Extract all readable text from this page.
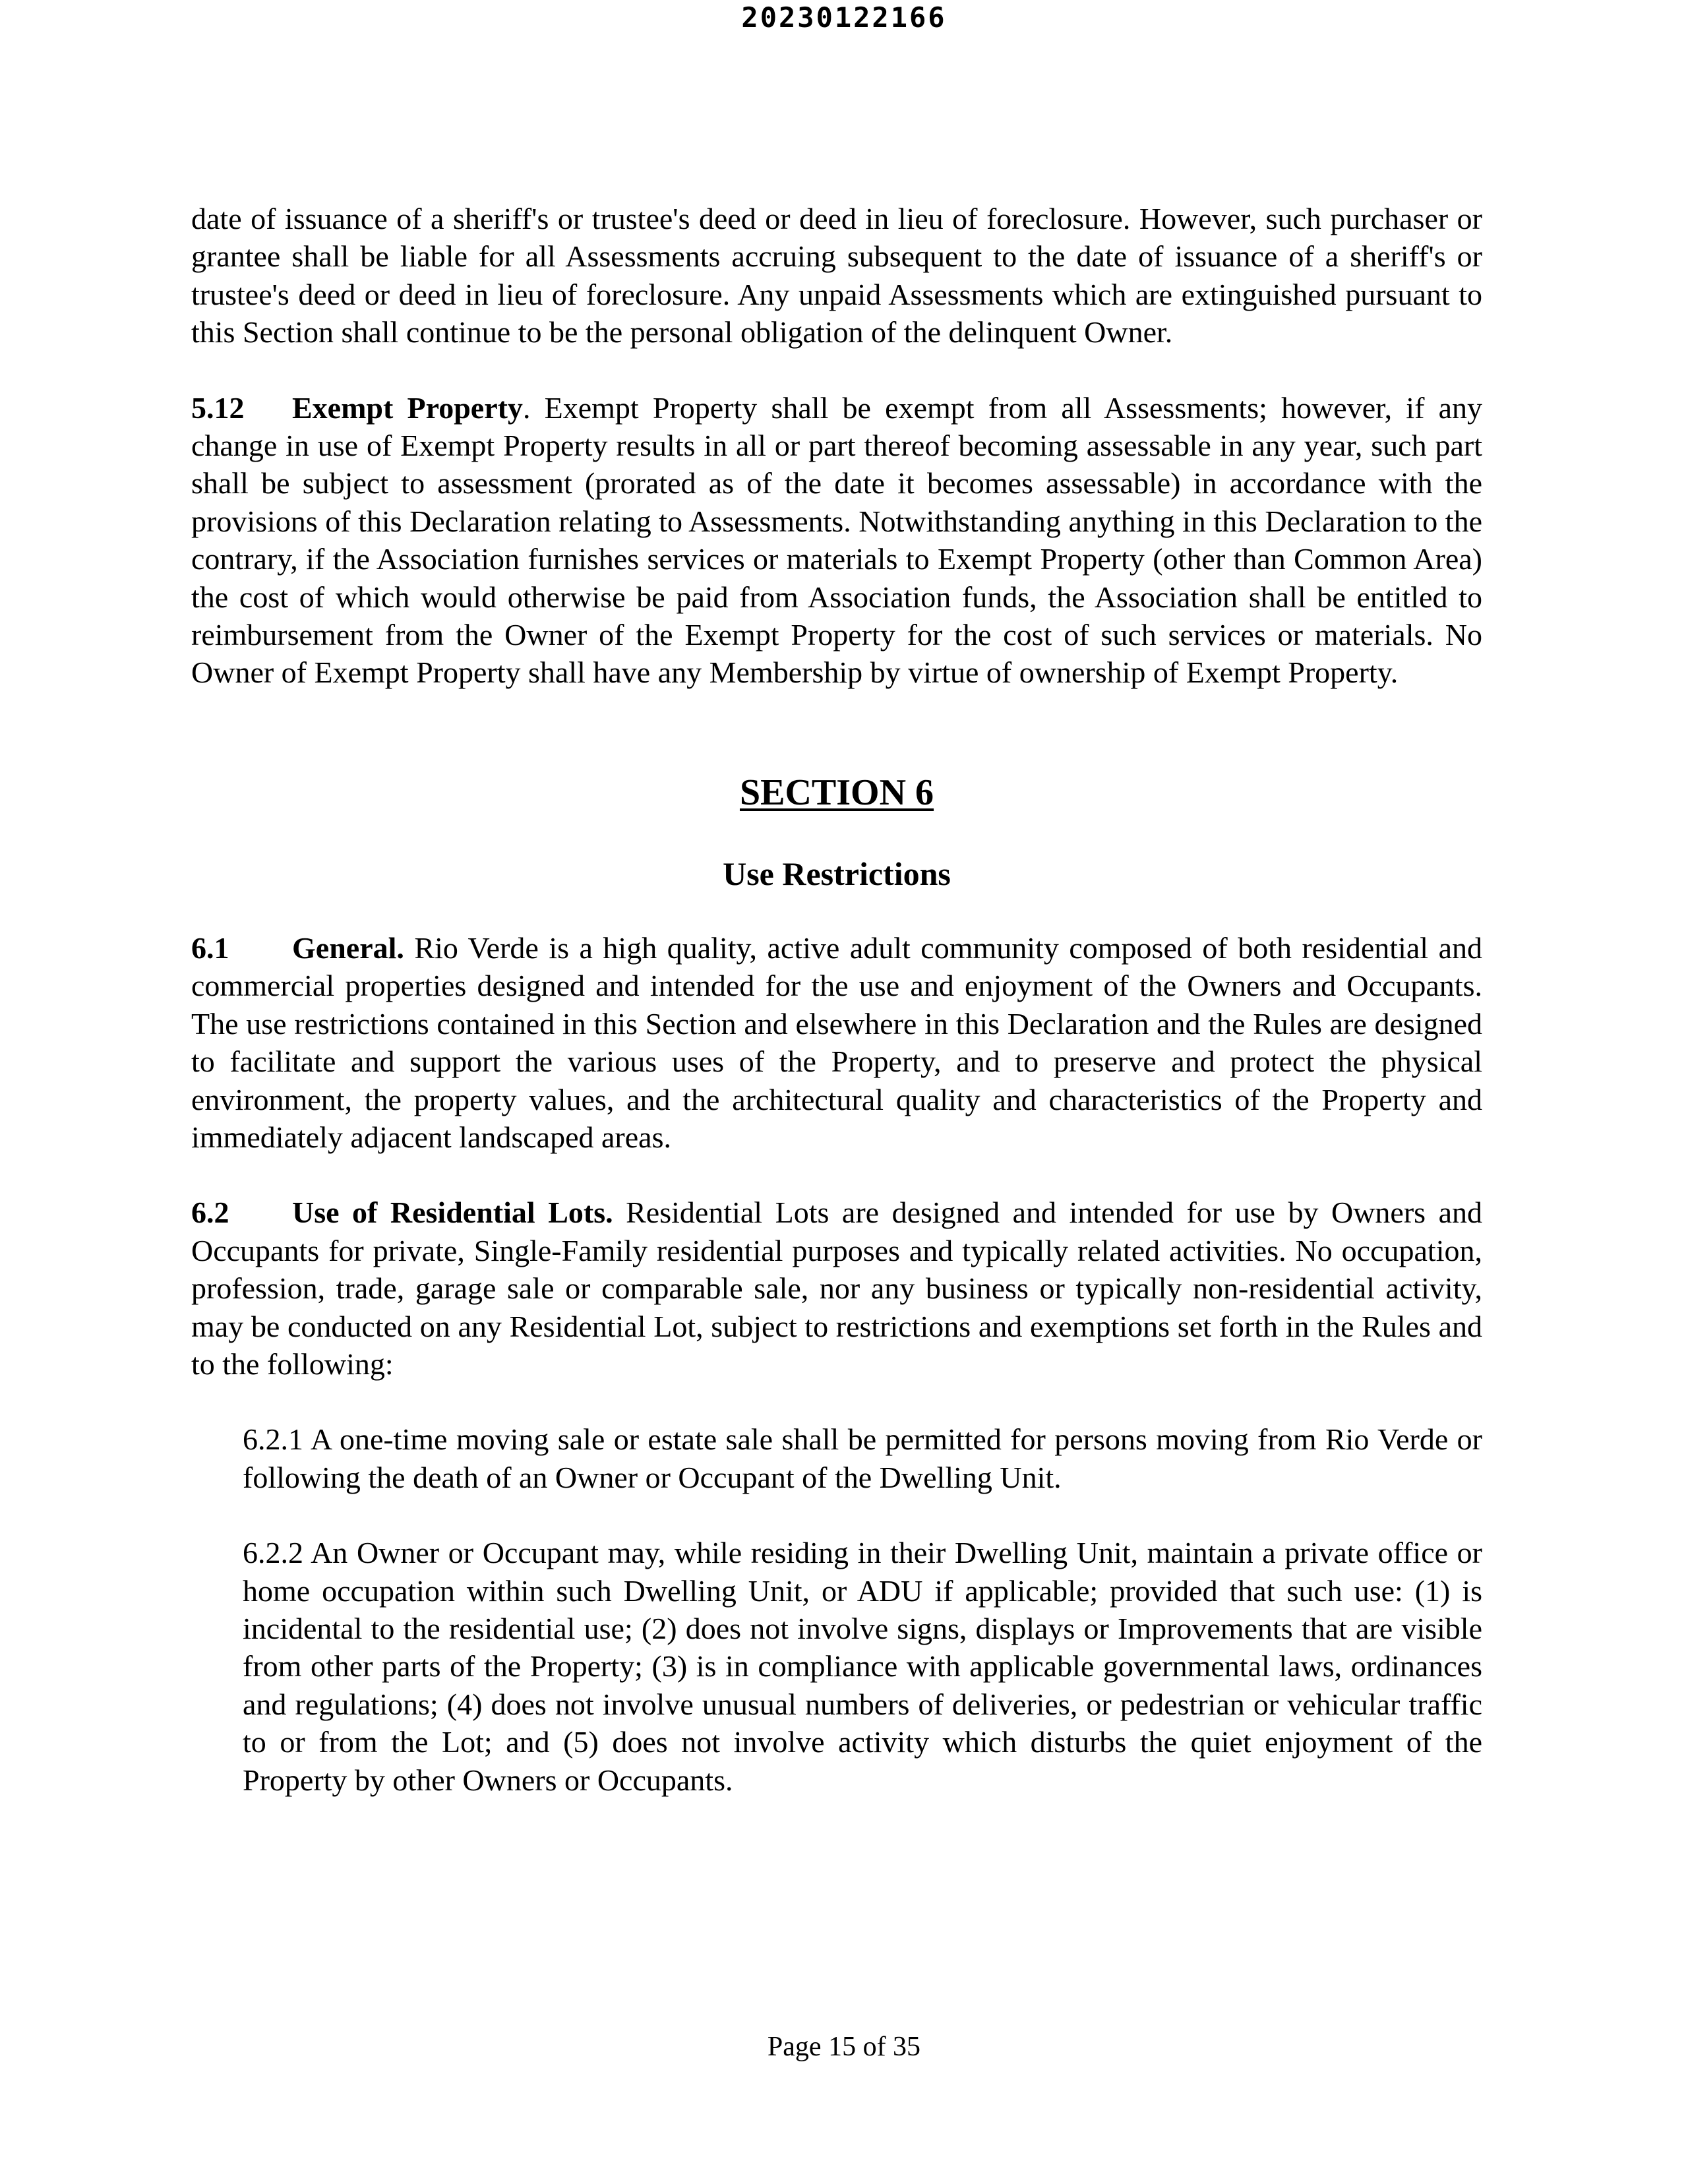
20230122166

date of issuance of a sheriff's or trustee's deed or deed in lieu of foreclosure. However, such purchaser or grantee shall be liable for all Assessments accruing subsequent to the date of issuance of a sheriff's or trustee's deed or deed in lieu of foreclosure. Any unpaid Assessments which are extinguished pursuant to this Section shall continue to be the personal obligation of the delinquent Owner.

5.12 Exempt Property. Exempt Property shall be exempt from all Assessments; however, if any change in use of Exempt Property results in all or part thereof becoming assessable in any year, such part shall be subject to assessment (prorated as of the date it becomes assessable) in accordance with the provisions of this Declaration relating to Assessments. Notwithstanding anything in this Declaration to the contrary, if the Association furnishes services or materials to Exempt Property (other than Common Area) the cost of which would otherwise be paid from Association funds, the Association shall be entitled to reimbursement from the Owner of the Exempt Property for the cost of such services or materials. No Owner of Exempt Property shall have any Membership by virtue of ownership of Exempt Property.

SECTION 6
Use Restrictions

6.1 General. Rio Verde is a high quality, active adult community composed of both residential and commercial properties designed and intended for the use and enjoyment of the Owners and Occupants. The use restrictions contained in this Section and elsewhere in this Declaration and the Rules are designed to facilitate and support the various uses of the Property, and to preserve and protect the physical environment, the property values, and the architectural quality and characteristics of the Property and immediately adjacent landscaped areas.

6.2 Use of Residential Lots. Residential Lots are designed and intended for use by Owners and Occupants for private, Single-Family residential purposes and typically related activities. No occupation, profession, trade, garage sale or comparable sale, nor any business or typically non-residential activity, may be conducted on any Residential Lot, subject to restrictions and exemptions set forth in the Rules and to the following:

6.2.1 A one-time moving sale or estate sale shall be permitted for persons moving from Rio Verde or following the death of an Owner or Occupant of the Dwelling Unit.

6.2.2 An Owner or Occupant may, while residing in their Dwelling Unit, maintain a private office or home occupation within such Dwelling Unit, or ADU if applicable; provided that such use: (1) is incidental to the residential use; (2) does not involve signs, displays or Improvements that are visible from other parts of the Property; (3) is in compliance with applicable governmental laws, ordinances and regulations; (4) does not involve unusual numbers of deliveries, or pedestrian or vehicular traffic to or from the Lot; and (5) does not involve activity which disturbs the quiet enjoyment of the Property by other Owners or Occupants.

Page 15 of 35
